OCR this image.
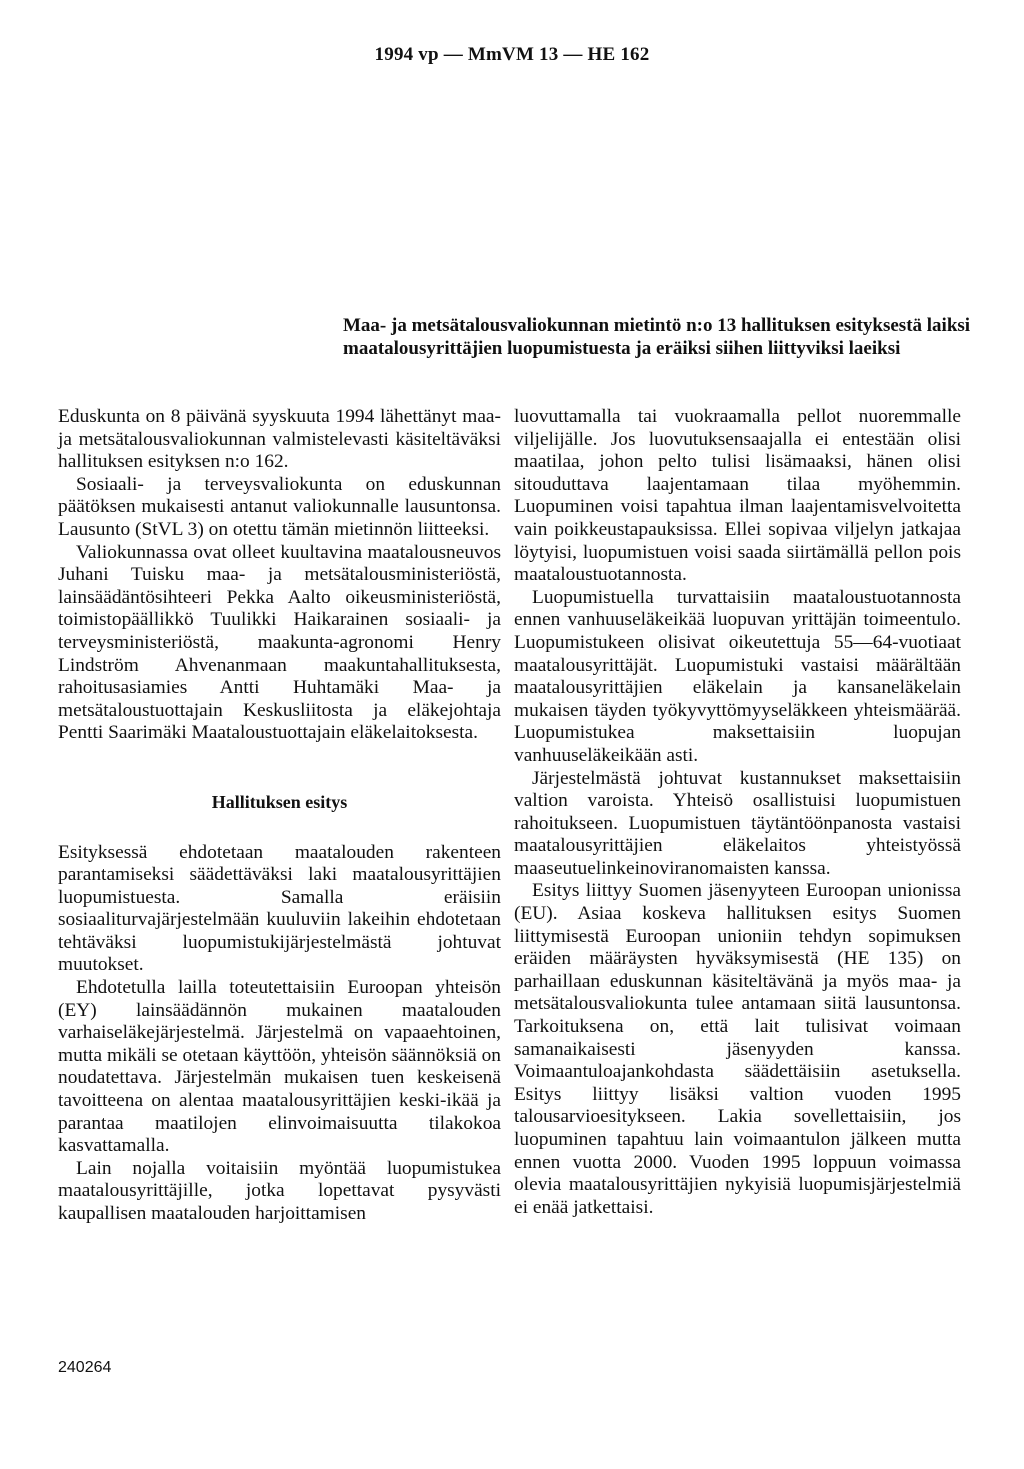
1994 vp — MmVM 13 — HE 162
Maa- ja metsätalousvaliokunnan mietintö n:o 13 hallituksen esityksestä laiksi maatalousyrittäjien luopumistuesta ja eräiksi siihen liittyviksi laeiksi

Eduskunta on 8 päivänä syyskuuta 1994 lähettänyt maa- ja metsätalousvaliokunnan valmistelevasti käsiteltäväksi hallituksen esityksen n:o 162.

Sosiaali- ja terveysvaliokunta on eduskunnan päätöksen mukaisesti antanut valiokunnalle lausuntonsa. Lausunto (StVL 3) on otettu tämän mietinnön liitteeksi.

Valiokunnassa ovat olleet kuultavina maatalousneuvos Juhani Tuisku maa- ja metsätalousministeriöstä, lainsäädäntösihteeri Pekka Aalto oikeusministeriöstä, toimistopäällikkö Tuulikki Haikarainen sosiaali- ja terveysministeriöstä, maakunta-agronomi Henry Lindström Ahvenanmaan maakuntahallituksesta, rahoitusasiamies Antti Huhtamäki Maa- ja metsätaloustuottajain Keskusliitosta ja eläkejohtaja Pentti Saarimäki Maataloustuottajain eläkelaitoksesta.

Hallituksen esitys

Esityksessä ehdotetaan maatalouden rakenteen parantamiseksi säädettäväksi laki maatalousyrittäjien luopumistuesta. Samalla eräisiin sosiaaliturvajärjestelmään kuuluviin lakeihin ehdotetaan tehtäväksi luopumistukijärjestelmästä johtuvat muutokset.

Ehdotetulla lailla toteutettaisiin Euroopan yhteisön (EY) lainsäädännön mukainen maatalouden varhaiseläkejärjestelmä. Järjestelmä on vapaaehtoinen, mutta mikäli se otetaan käyttöön, yhteisön säännöksiä on noudatettava. Järjestelmän mukaisen tuen keskeisenä tavoitteena on alentaa maatalousyrittäjien keski-ikää ja parantaa maatilojen elinvoimaisuutta tilakokoa kasvattamalla.

Lain nojalla voitaisiin myöntää luopumistukea maatalousyrittäjille, jotka lopettavat pysyvästi kaupallisen maatalouden harjoittamisen

luovuttamalla tai vuokraamalla pellot nuoremmalle viljelijälle. Jos luovutuksensaajalla ei entestään olisi maatilaa, johon pelto tulisi lisämaaksi, hänen olisi sitouduttava laajentamaan tilaa myöhemmin. Luopuminen voisi tapahtua ilman laajentamisvelvoitetta vain poikkeustapauksissa. Ellei sopivaa viljelyn jatkajaa löytyisi, luopumistuen voisi saada siirtämällä pellon pois maataloustuotannosta.

Luopumistuella turvattaisiin maataloustuotannosta ennen vanhuuseläkeikää luopuvan yrittäjän toimeentulo. Luopumistukeen olisivat oikeutettuja 55—64-vuotiaat maatalousyrittäjät. Luopumistuki vastaisi määrältään maatalousyrittäjien eläkelain ja kansaneläkelain mukaisen täyden työkyvyttömyyseläkkeen yhteismäärää. Luopumistukea maksettaisiin luopujan vanhuuseläkeikään asti.

Järjestelmästä johtuvat kustannukset maksettaisiin valtion varoista. Yhteisö osallistuisi luopumistuen rahoitukseen. Luopumistuen täytäntöönpanosta vastaisi maatalousyrittäjien eläkelaitos yhteistyössä maaseutuelinkeinoviranomaisten kanssa.

Esitys liittyy Suomen jäsenyyteen Euroopan unionissa (EU). Asiaa koskeva hallituksen esitys Suomen liittymisestä Euroopan unioniin tehdyn sopimuksen eräiden määräysten hyväksymisestä (HE 135) on parhaillaan eduskunnan käsiteltävänä ja myös maa- ja metsätalousvaliokunta tulee antamaan siitä lausuntonsa. Tarkoituksena on, että lait tulisivat voimaan samanaikaisesti jäsenyyden kanssa. Voimaantuloajankohdasta säädettäisiin asetuksella. Esitys liittyy lisäksi valtion vuoden 1995 talousarvioesitykseen. Lakia sovellettaisiin, jos luopuminen tapahtuu lain voimaantulon jälkeen mutta ennen vuotta 2000. Vuoden 1995 loppuun voimassa olevia maatalousyrittäjien nykyisiä luopumisjärjestelmiä ei enää jatkettaisi.

240264
